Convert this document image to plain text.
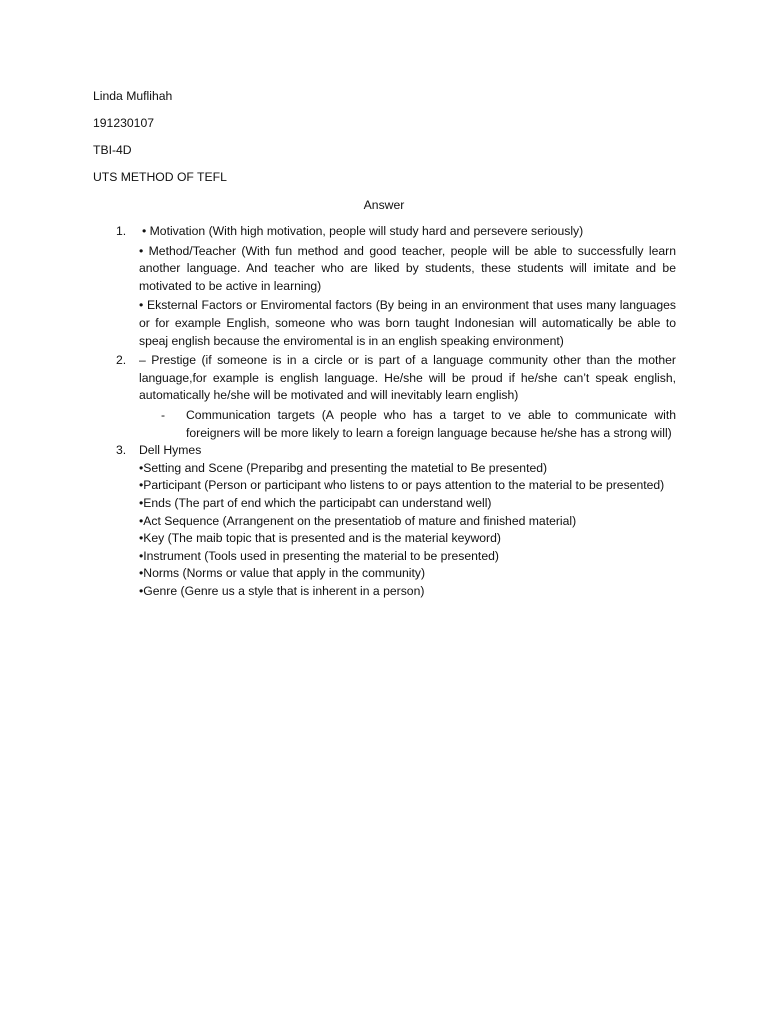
Linda Muflihah
191230107
TBI-4D
UTS METHOD OF TEFL
Answer
1.	• Motivation (With high motivation, people will study hard and persevere seriously)

• Method/Teacher (With fun method and good teacher, people will be able to successfully learn another language. And teacher who are liked by students, these students will imitate and be motivated to be active in learning)

• Eksternal Factors or Enviromental factors (By being in an environment that uses many languages or for example English, someone who was born taught Indonesian will automatically be able to speaj english because the enviromental is in an english speaking environment)

2.	– Prestige (if someone is in a circle or is part of a language community other than the mother language,for example is english language. He/she will be proud if he/she can’t speak english, automatically he/she will be motivated and will inevitably learn english)

- Communication targets (A people who has a target to ve able to communicate with foreigners will be more likely to learn a foreign language because he/she has a strong will)
3.	Dell Hymes
•Setting and Scene (Preparibg and presenting the matetial to Be presented)
•Participant (Person or participant who listens to or pays attention to the material to be presented)
•Ends (The part of end which the participabt can understand well)
•Act Sequence (Arrangenent on the presentatiob of mature and finished material)
•Key (The maib topic that is presented and is the material keyword)
•Instrument (Tools used in presenting the material to be presented)
•Norms (Norms or value that apply in the community)
•Genre (Genre us a style that is inherent in a person)
